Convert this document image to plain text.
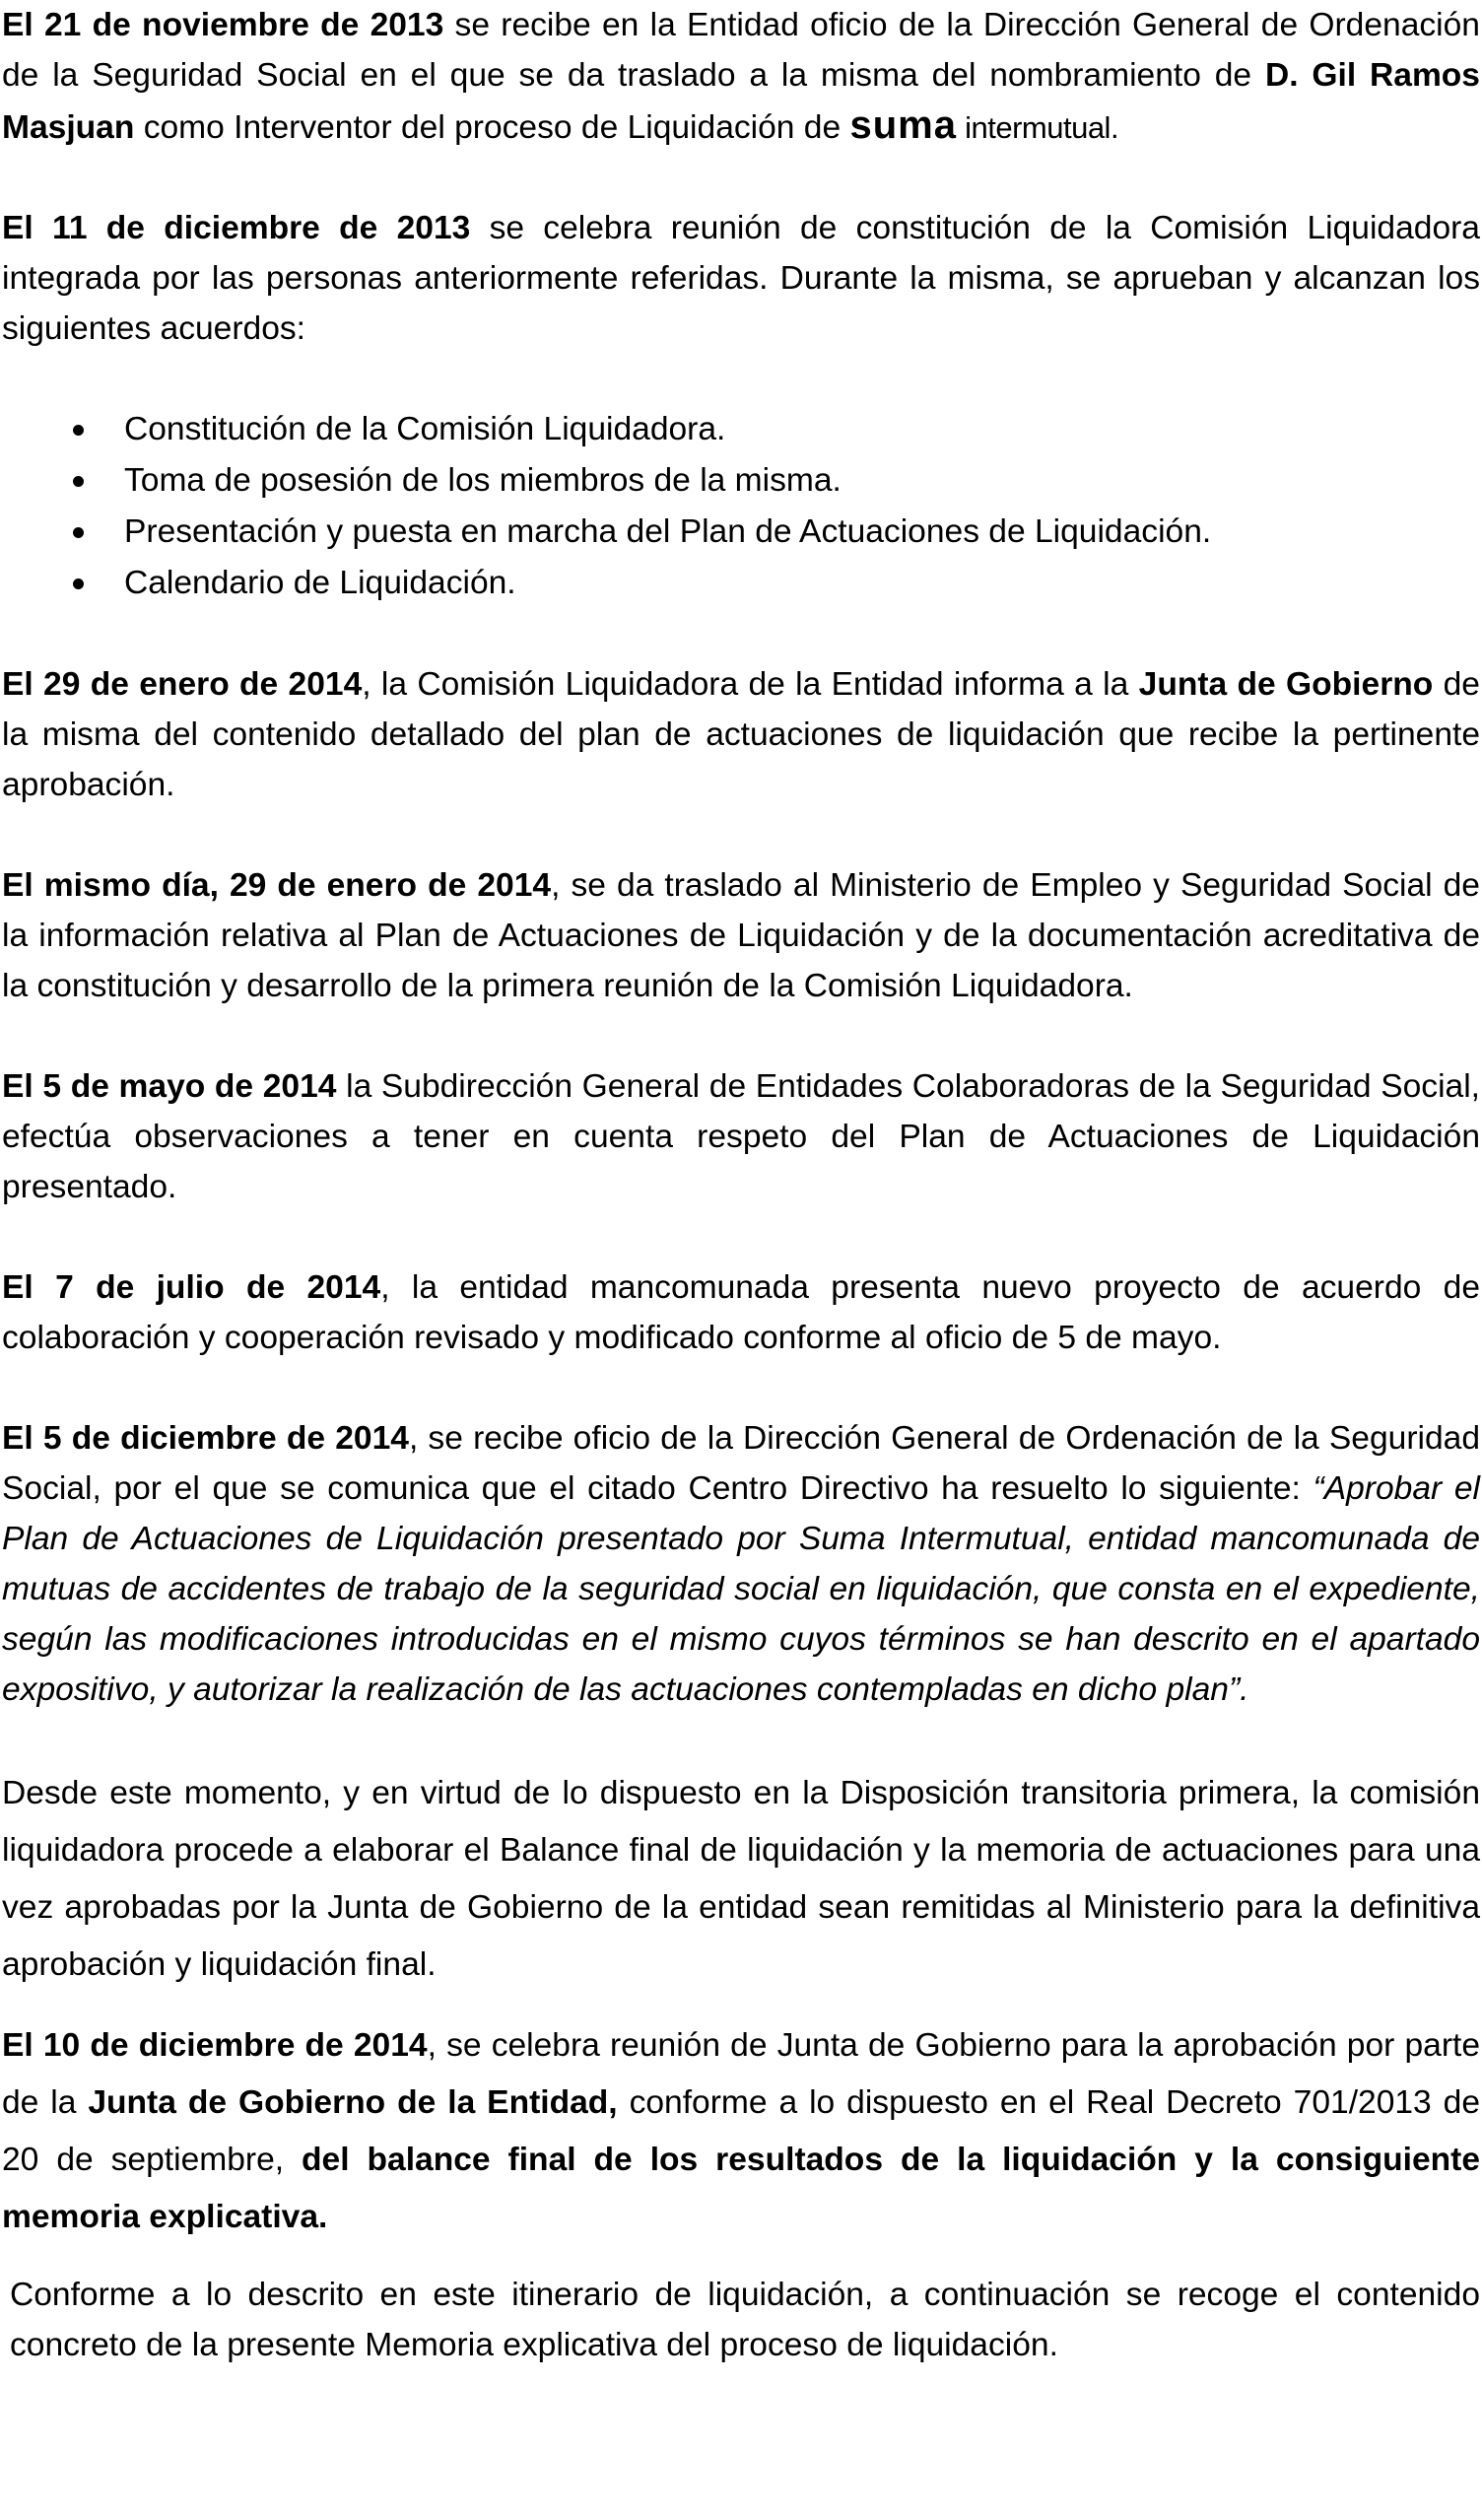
El 21 de noviembre de 2013 se recibe en la Entidad oficio de la Dirección General de Ordenación de la Seguridad Social en el que se da traslado a la misma del nombramiento de D. Gil Ramos Masjuan como Interventor del proceso de Liquidación de suma intermutual.

El 11 de diciembre de 2013 se celebra reunión de constitución de la Comisión Liquidadora integrada por las personas anteriormente referidas. Durante la misma, se aprueban y alcanzan los siguientes acuerdos:

Constitución de la Comisión Liquidadora.
Toma de posesión de los miembros de la misma.
Presentación y puesta en marcha del Plan de Actuaciones de Liquidación.
Calendario de Liquidación.

El 29 de enero de 2014, la Comisión Liquidadora de la Entidad informa a la Junta de Gobierno de la misma del contenido detallado del plan de actuaciones de liquidación que recibe la pertinente aprobación.

El mismo día, 29 de enero de 2014, se da traslado al Ministerio de Empleo y Seguridad Social de la información relativa al Plan de Actuaciones de Liquidación y de la documentación acreditativa de la constitución y desarrollo de la primera reunión de la Comisión Liquidadora.

El 5 de mayo de 2014 la Subdirección General de Entidades Colaboradoras de la Seguridad Social, efectúa observaciones a tener en cuenta respeto del Plan de Actuaciones de Liquidación presentado.

El 7 de julio de 2014, la entidad mancomunada presenta nuevo proyecto de acuerdo de colaboración y cooperación revisado y modificado conforme al oficio de 5 de mayo.

El 5 de diciembre de 2014, se recibe oficio de la Dirección General de Ordenación de la Seguridad Social, por el que se comunica que el citado Centro Directivo ha resuelto lo siguiente: “Aprobar el Plan de Actuaciones de Liquidación presentado por Suma Intermutual, entidad mancomunada de mutuas de accidentes de trabajo de la seguridad social en liquidación, que consta en el expediente, según las modificaciones introducidas en el mismo cuyos términos se han descrito en el apartado expositivo, y autorizar la realización de las actuaciones contempladas en dicho plan”.

Desde este momento, y en virtud de lo dispuesto en la Disposición transitoria primera, la comisión liquidadora procede a elaborar el Balance final de liquidación y la memoria de actuaciones para una vez aprobadas por la Junta de Gobierno de la entidad sean remitidas al Ministerio para la definitiva aprobación y liquidación final.

El 10 de diciembre de 2014, se celebra reunión de Junta de Gobierno para la aprobación por parte de la Junta de Gobierno de la Entidad, conforme a lo dispuesto en el Real Decreto 701/2013 de 20 de septiembre, del balance final de los resultados de la liquidación y la consiguiente memoria explicativa.

Conforme a lo descrito en este itinerario de liquidación, a continuación se recoge el contenido concreto de la presente Memoria explicativa del proceso de liquidación.
